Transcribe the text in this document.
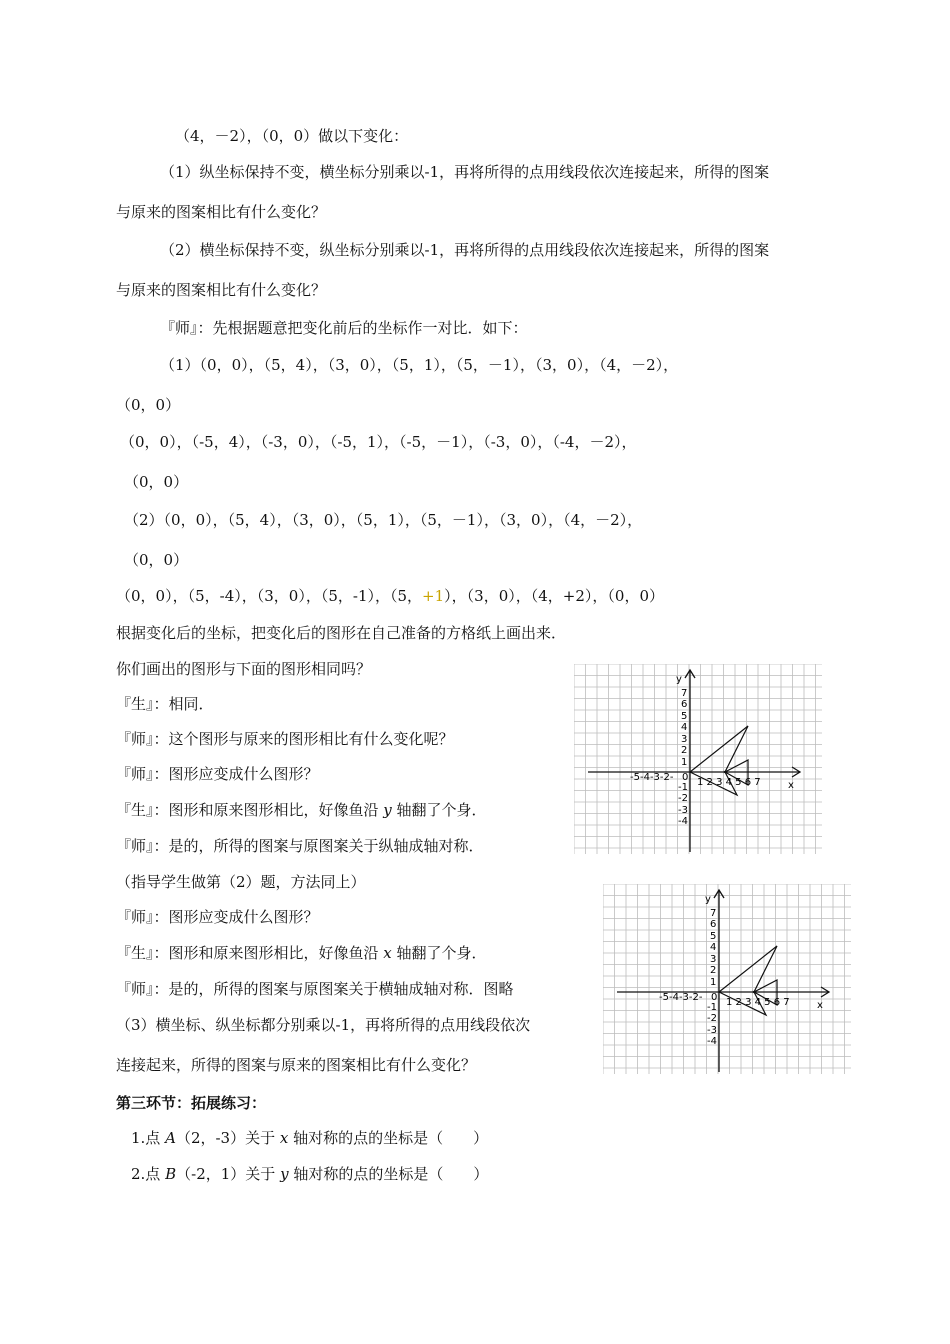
（4，－2），（0，0）做以下变化：
（1）纵坐标保持不变，横坐标分别乘以-1，再将所得的点用线段依次连接起来，所得的图案
与原来的图案相比有什么变化？
（2）横坐标保持不变，纵坐标分别乘以-1，再将所得的点用线段依次连接起来，所得的图案
与原来的图案相比有什么变化？
『师』：先根据题意把变化前后的坐标作一对比．如下：
（1）（0，0），（5，4），（3，0），（5，1），（5，－1），（3，0），（4，－2），
（0，0）
（0，0），（-5，4），（-3，0），（-5，1），（-5，－1），（-3，0），（-4，－2），
（0，0）
（2）（0，0），（5，4），（3，0），（5，1），（5，－1），（3，0），（4，－2），
（0，0）
（0，0），（5，-4），（3，0），（5，-1），（5，+1），（3，0），（4，+2），（0，0）
根据变化后的坐标，把变化后的图形在自己准备的方格纸上画出来．
你们画出的图形与下面的图形相同吗？
『生』：相同．
『师』：这个图形与原来的图形相比有什么变化呢？
『师』：图形应变成什么图形？
『生』：图形和原来图形相比，好像鱼沿 y 轴翻了个身．
『师』：是的，所得的图案与原图案关于纵轴成轴对称．
（指导学生做第（2）题，方法同上）
『师』：图形应变成什么图形？
『生』：图形和原来图形相比，好像鱼沿 x 轴翻了个身．
『师』：是的，所得的图案与原图案关于横轴成轴对称．图略
（3）横坐标、纵坐标都分别乘以-1，再将所得的点用线段依次
连接起来，所得的图案与原来的图案相比有什么变化？
第三环节：拓展练习：
1.点 A（2，-3）关于 x 轴对称的点的坐标是（　　）
2.点 B（-2，1）关于 y 轴对称的点的坐标是（　　）
y
x
-5-4-3-2- 0 1 2 3 4 5 6 7
7
6
5
4
3
2
1
-1
-2
-3
-4
y
x
-5-4-3-2- 0 1 2 3 4 5 6 7
7
6
5
4
3
2
1
-1
-2
-3
-4
